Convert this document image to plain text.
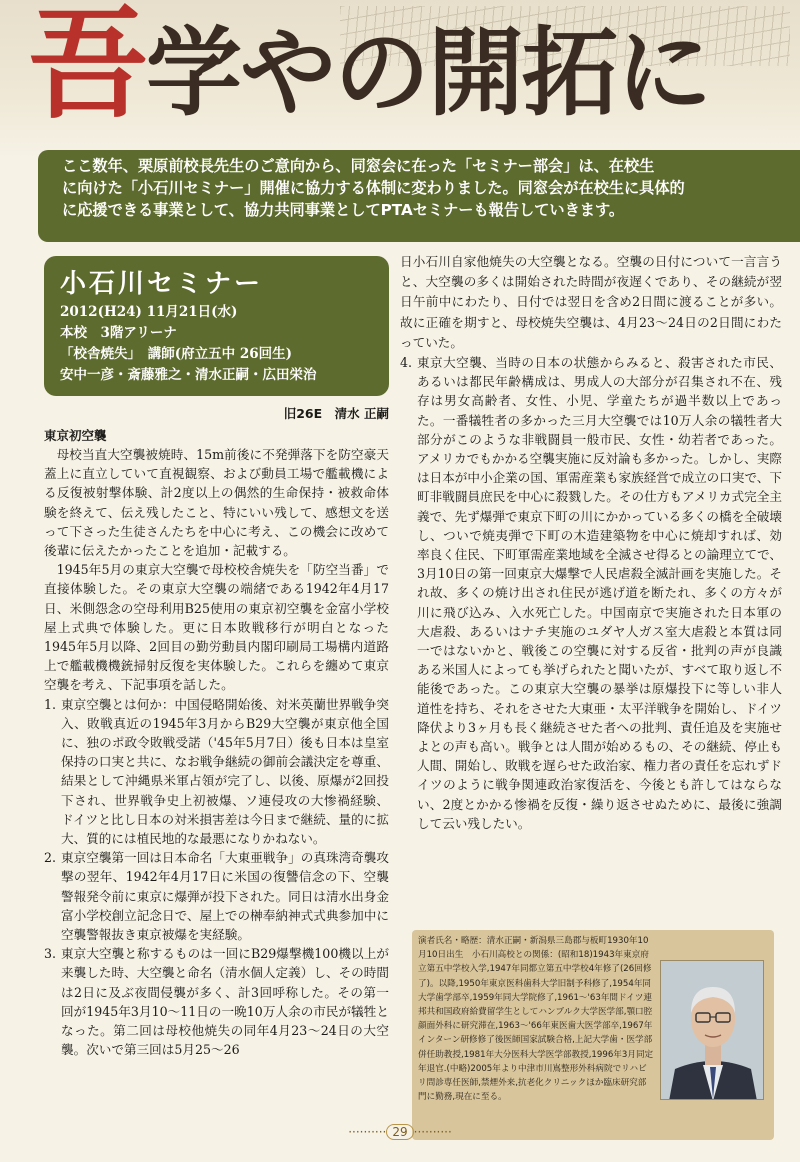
吾学やの開拓に
ここ数年、栗原前校長先生のご意向から、同窓会に在った「セミナー部会」は、在校生
に向けた「小石川セミナー」開催に協力する体制に変わりました。同窓会が在校生に具体的
に応援できる事業として、協力共同事業としてPTAセミナーも報告していきます。
小石川セミナー
2012(H24) 11月21日(水)
本校　3階アリーナ
「校舎焼失」　講師(府立五中 26回生)
安中一彦・斎藤雅之・清水正嗣・広田栄治
旧26E　清水 正嗣
東京初空襲

母校当直大空襲被焼時、15m前後に不発弾落下を防空豪天蓋上に直立していて直視観察、および動員工場で艦載機による反復被射撃体験、計2度以上の偶然的生命保持・被救命体験を終えて、伝え残したこと、特にいい残して、感想文を送って下さった生徒さんたちを中心に考え、この機会に改めて後輩に伝えたかったことを追加・記載する。

1945年5月の東京大空襲で母校校舎焼失を「防空当番」で直接体験した。その東京大空襲の端緒である1942年4月17日、米側怨念の空母利用B25使用の東京初空襲を金富小学校屋上式典で体験した。更に日本敗戦移行が明白となった1945年5月以降、2回目の勤労動員内閣印刷局工場構内道路上で艦載機機銃掃射反復を実体験した。これらを纏めて東京空襲を考え、下記事項を話した。

1. 東京空襲とは何か：中国侵略開始後、対米英蘭世界戦争突入、敗戦真近の1945年3月からB29大空襲が東京他全国に、独のポ政令敗戦受諾（'45年5月7日）後も日本は皇室保持の口実と共に、なお戦争継続の御前会議決定を尊重、結果として沖縄県米軍占領が完了し、以後、原爆が2回投下され、世界戦争史上初被爆、ソ連侵攻の大惨禍経験、ドイツと比し日本の対米損害差は今日まで継続、量的に拡大、質的には植民地的な最悪になりかねない。
2. 東京空襲第一回は日本命名「大東亜戦争」の真珠湾奇襲攻撃の翌年、1942年4月17日に米国の復讐信念の下、空襲警報発令前に東京に爆弾が投下された。同日は清水出身金富小学校創立記念日で、屋上での榊奉納神式式典参加中に空襲警報抜き東京被爆を実経験。
3. 東京大空襲と称するものは一回にB29爆撃機100機以上が来襲した時、大空襲と命名（清水個人定義）し、その時間は2日に及ぶ夜間侵襲が多く、計3回呼称した。その第一回が1945年3月10～11日の一晩10万人余の市民が犠牲となった。第二回は母校他焼失の同年4月23～24日の大空襲。次いで第三回は5月25～26
日小石川自家他焼失の大空襲となる。空襲の日付について一言言うと、大空襲の多くは開始された時間が夜遅くであり、その継続が翌日午前中にわたり、日付では翌日を含め2日間に渡ることが多い。故に正確を期すと、母校焼失空襲は、4月23～24日の2日間にわたっていた。
4. 東京大空襲、当時の日本の状態からみると、殺害された市民、あるいは都民年齢構成は、男成人の大部分が召集され不在、残存は男女高齢者、女性、小児、学童たちが過半数以上であった。一番犠牲者の多かった三月大空襲では10万人余の犠牲者大部分がこのような非戦闘員一般市民、女性・幼若者であった。アメリカでもかかる空襲実施に反対論も多かった。しかし、実際は日本が中小企業の国、軍需産業も家族経営で成立の口実で、下町非戦闘員庶民を中心に殺戮した。その仕方もアメリカ式完全主義で、先ず爆弾で東京下町の川にかかっている多くの橋を全破壊し、ついで焼夷弾で下町の木造建築物を中心に焼却すれば、効率良く住民、下町軍需産業地域を全滅させ得るとの論理立てで、3月10日の第一回東京大爆撃で人民虐殺全滅計画を実施した。それ故、多くの焼け出され住民が逃げ道を断たれ、多くの方々が川に飛び込み、入水死亡した。中国南京で実施された日本軍の大虐殺、あるいはナチ実施のユダヤ人ガス室大虐殺と本質は同一ではないかと、戦後この空襲に対する反省・批判の声が良識ある米国人によっても挙げられたと聞いたが、すべて取り返し不能後であった。この東京大空襲の暴挙は原爆投下に等しい非人道性を持ち、それをさせた大東亜・太平洋戦争を開始し、ドイツ降伏より3ヶ月も長く継続させた者への批判、責任追及を実施せよとの声も高い。戦争とは人間が始めるもの、その継続、停止も人間、開始し、敗戦を遅らせた政治家、権力者の責任を忘れずドイツのように戦争関連政治家復活を、今後とも許してはならない、2度とかかる惨禍を反復・繰り返させぬために、最後に強調して云い残したい。
演者氏名・略歴：清水正嗣・新潟県三島郡与板町1930年10月10日出生　小石川高校との関係：(昭和18)1943年東京府立第五中学校入学,1947年同都立第五中学校4年修了(26回修了)。以降,1950年東京医科歯科大学旧制予科修了,1954年同大学歯学部卒,1959年同大学院修了,1961～'63年間ドイツ連邦共和国政府給費留学生としてハンブルク大学医学部,顎口腔顔面外科に研究滞在,1963～'66年東医歯大医学部卒,1967年インターン研修修了後医師国家試験合格,上記大学歯・医学部併任助教授,1981年大分医科大学医学部教授,1996年3月同定年退官.(中略)2005年より中津市川嶌整形外科病院でリハビリ問診専任医師,禁煙外来,抗老化クリニックほか臨床研究部門に勤務,現在に至る。
·········· 29 ··········
